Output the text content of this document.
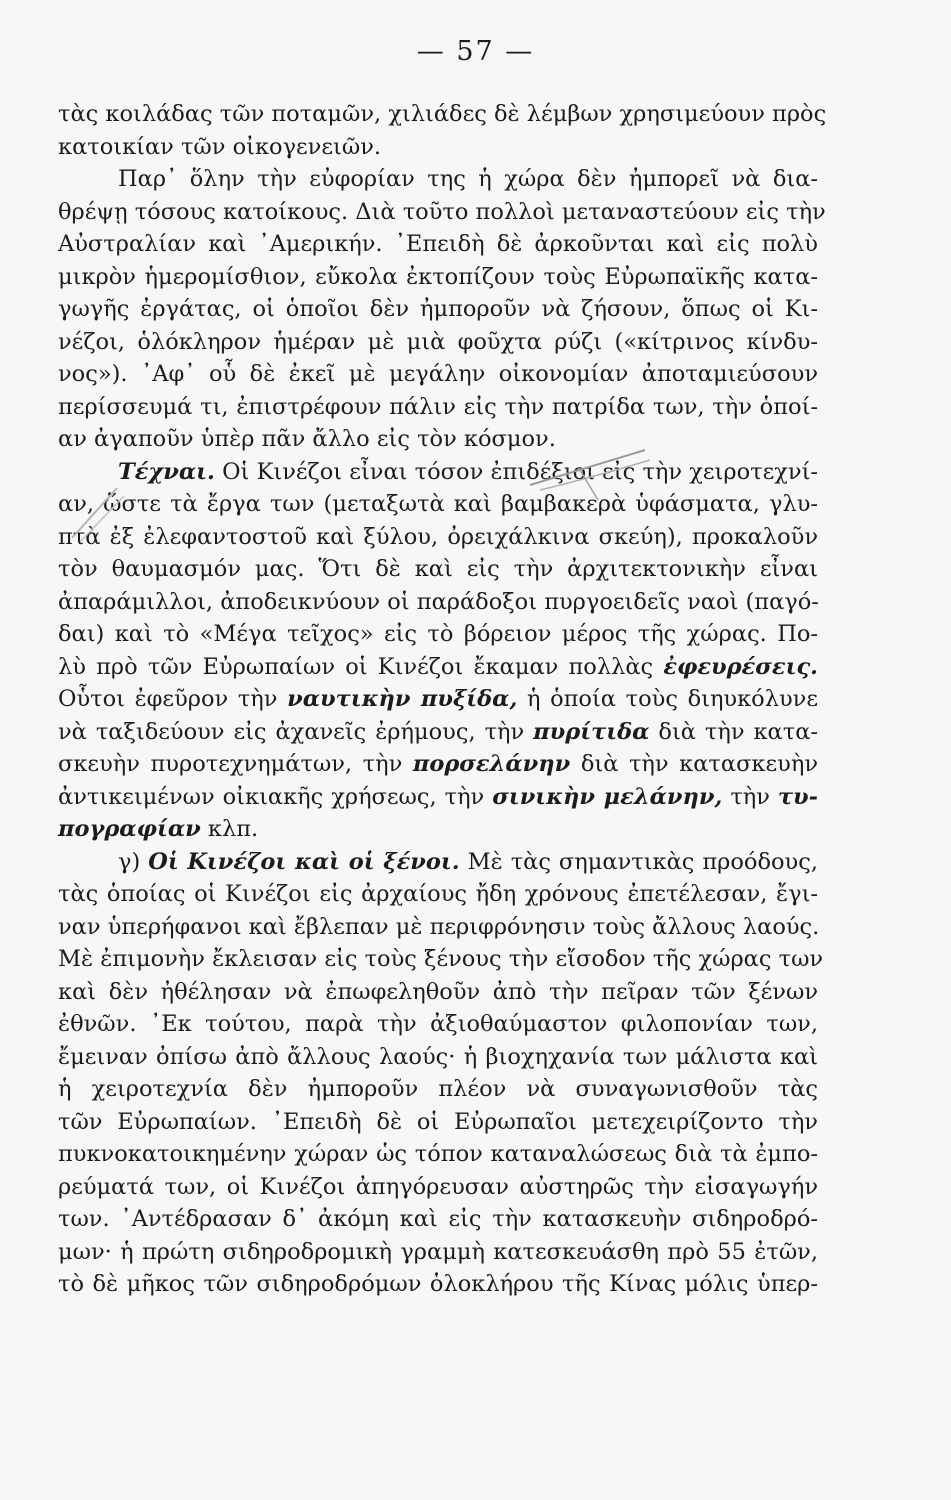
— 57 —
τὰς κοιλάδας τῶν ποταμῶν, χιλιάδες δὲ λέμβων χρησιμεύουν πρὸς
κατοικίαν τῶν οἰκογενειῶν.
Παρ᾽ ὅλην τὴν εὐφορίαν της ἡ χώρα δὲν ἠμπορεῖ νὰ δια-
θρέψῃ τόσους κατοίκους. Διὰ τοῦτο πολλοὶ μεταναστεύουν εἰς τὴν
Αὐστραλίαν καὶ ᾿Αμερικήν. ᾿Επειδὴ δὲ ἀρκοῦνται καὶ εἰς πολὺ
μικρὸν ἡμερομίσθιον, εὔκολα ἐκτοπίζουν τοὺς Εὐρωπαϊκῆς κατα-
γωγῆς ἐργάτας, οἱ ὁποῖοι δὲν ἠμποροῦν νὰ ζήσουν, ὅπως οἱ Κι-
νέζοι, ὁλόκληρον ἡμέραν μὲ μιὰ φοῦχτα ρύζι («κίτρινος κίνδυ-
νος»). ᾿Αφ᾽ οὗ δὲ ἐκεῖ μὲ μεγάλην οἰκονομίαν ἀποταμιεύσουν
περίσσευμά τι, ἐπιστρέφουν πάλιν εἰς τὴν πατρίδα των, τὴν ὁποί-
αν ἀγαποῦν ὑπὲρ πᾶν ἄλλο εἰς τὸν κόσμον.
Τέχναι. Οἱ Κινέζοι εἶναι τόσον ἐπιδέξιοι εἰς τὴν χειροτεχνί-
αν, ὥστε τὰ ἔργα των (μεταξωτὰ καὶ βαμβακερὰ ὑφάσματα, γλυ-
πτὰ ἐξ ἐλεφαντοστοῦ καὶ ξύλου, ὀρειχάλκινα σκεύη), προκαλοῦν
τὸν θαυμασμόν μας. Ὅτι δὲ καὶ εἰς τὴν ἀρχιτεκτονικὴν εἶναι
ἀπαράμιλλοι, ἀποδεικνύουν οἱ παράδοξοι πυργοειδεῖς ναοὶ (παγό-
δαι) καὶ τὸ «Μέγα τεῖχος» εἰς τὸ βόρειον μέρος τῆς χώρας. Πο-
λὺ πρὸ τῶν Εὐρωπαίων οἱ Κινέζοι ἔκαμαν πολλὰς ἐφευρέσεις.
Οὗτοι ἐφεῦρον τὴν ναυτικὴν πυξίδα, ἡ ὁποία τοὺς διηυκόλυνε
νὰ ταξιδεύουν εἰς ἀχανεῖς ἐρήμους, τὴν πυρίτιδα διὰ τὴν κατα-
σκευὴν πυροτεχνημάτων, τὴν πορσελάνην διὰ τὴν κατασκευὴν
ἀντικειμένων οἰκιακῆς χρήσεως, τὴν σινικὴν μελάνην, τὴν τυ-
πογραφίαν κλπ.
γ) Οἱ Κινέζοι καὶ οἱ ξένοι. Μὲ τὰς σημαντικὰς προόδους,
τὰς ὁποίας οἱ Κινέζοι εἰς ἀρχαίους ἤδη χρόνους ἐπετέλεσαν, ἔγι-
ναν ὑπερήφανοι καὶ ἔβλεπαν μὲ περιφρόνησιν τοὺς ἄλλους λαούς.
Μὲ ἐπιμονὴν ἔκλεισαν εἰς τοὺς ξένους τὴν εἴσοδον τῆς χώρας των
καὶ δὲν ἠθέλησαν νὰ ἐπωφεληθοῦν ἀπὸ τὴν πεῖραν τῶν ξένων
ἐθνῶν. ᾿Εκ τούτου, παρὰ τὴν ἀξιοθαύμαστον φιλοπονίαν των,
ἔμειναν ὀπίσω ἀπὸ ἄλλους λαούς· ἡ βιοχηχανία των μάλιστα καὶ
ἡ χειροτεχνία δὲν ἠμποροῦν πλέον νὰ συναγωνισθοῦν τὰς
τῶν Εὐρωπαίων. ᾿Επειδὴ δὲ οἱ Εὐρωπαῖοι μετεχειρίζοντο τὴν
πυκνοκατοικημένην χώραν ὡς τόπον καταναλώσεως διὰ τὰ ἐμπο-
ρεύματά των, οἱ Κινέζοι ἀπηγόρευσαν αὐστηρῶς τὴν εἰσαγωγήν
των. ᾿Αντέδρασαν δ᾽ ἀκόμη καὶ εἰς τὴν κατασκευὴν σιδηροδρό-
μων· ἡ πρώτη σιδηροδρομικὴ γραμμὴ κατεσκευάσθη πρὸ 55 ἐτῶν,
τὸ δὲ μῆκος τῶν σιδηροδρόμων ὁλοκλήρου τῆς Κίνας μόλις ὑπερ-
